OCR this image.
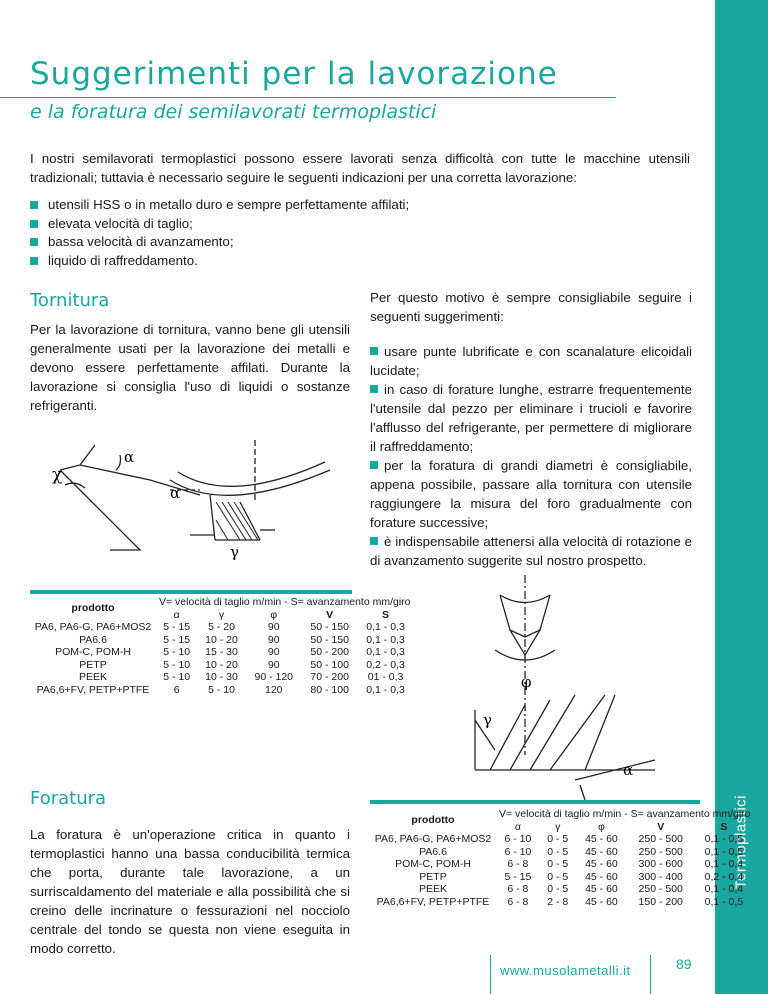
Termoplastici
Suggerimenti per la lavorazione
e la foratura dei semilavorati termoplastici
I nostri semilavorati termoplastici possono essere lavorati senza difficoltà con tutte le macchine utensili tradizionali; tuttavia è necessario seguire le seguenti indicazioni per una corretta lavorazione:
utensili HSS o in metallo duro e sempre perfettamente affilati;
elevata velocità di taglio;
bassa velocità di avanzamento;
liquido di raffreddamento.
Tornitura

Per la lavorazione di tornitura, vanno bene gli utensili generalmente usati per la lavorazione dei metalli e devono essere perfettamente affilati. Durante la lavorazione si consiglia l'uso di liquidi o sostanze refrigeranti.

Per questo motivo è sempre consigliabile seguire i seguenti suggerimenti:

usare punte lubrificate e con scanalature elicoidali lucidate;

in caso di forature lunghe, estrarre frequentemente l'utensile dal pezzo per eliminare i trucioli e favorire l'afflusso del refrigerante, per permettere di migliorare il raffreddamento;

per la foratura di grandi diametri è consigliabile, appena possibile, passare alla tornitura con utensile raggiungere la misura del foro gradualmente con forature successive;

è indispensabile attenersi alla velocità di rotazione e di avanzamento suggerite sul nostro prospetto.

χ
α
α
γ
prodotto	V= velocità di taglio m/min - S= avanzamento mm/giro				
	α	γ	φ	V	S
PA6, PA6-G, PA6+MOS2	5 - 15	5 - 20	90	50 - 150	0,1 - 0,3
PA6.6	5 - 15	10 - 20	90	50 - 150	0,1 - 0,3
POM-C, POM-H	5 - 10	15 - 30	90	50 - 200	0,1 - 0,3
PETP	5 - 10	10 - 20	90	50 - 100	0,2 - 0,3
PEEK	5 - 10	10 - 30	90 - 120	70 - 200	01 - 0,3
PA6,6+FV, PETP+PTFE	6	5 - 10	120	80 - 100	0,1 - 0,3	φ
γ
α
Foratura

La foratura è un'operazione critica in quanto i termoplastici hanno una bassa conducibilità termica che porta, durante tale lavorazione, a un surriscaldamento del materiale e alla possibilità che si creino delle incrinature o fessurazioni nel nocciolo centrale del tondo se questa non viene eseguita in modo corretto.

prodotto	V= velocità di taglio m/min - S= avanzamento mm/giro				
	α	γ	φ	V	S
PA6, PA6-G, PA6+MOS2	6 - 10	0 - 5	45 - 60	250 - 500	0,1 - 0,5
PA6.6	6 - 10	0 - 5	45 - 60	250 - 500	0,1 - 0,5
POM-C, POM-H	6 - 8	0 - 5	45 - 60	300 - 600	0,1 - 0,4
PETP	5 - 15	0 - 5	45 - 60	300 - 400	0,2 - 0,4
PEEK	6 - 8	0 - 5	45 - 60	250 - 500	0,1 - 0,4
PA6,6+FV, PETP+PTFE	6 - 8	2 - 8	45 - 60	150 - 200	0,1 - 0,5
www.musolametalli.it	89
